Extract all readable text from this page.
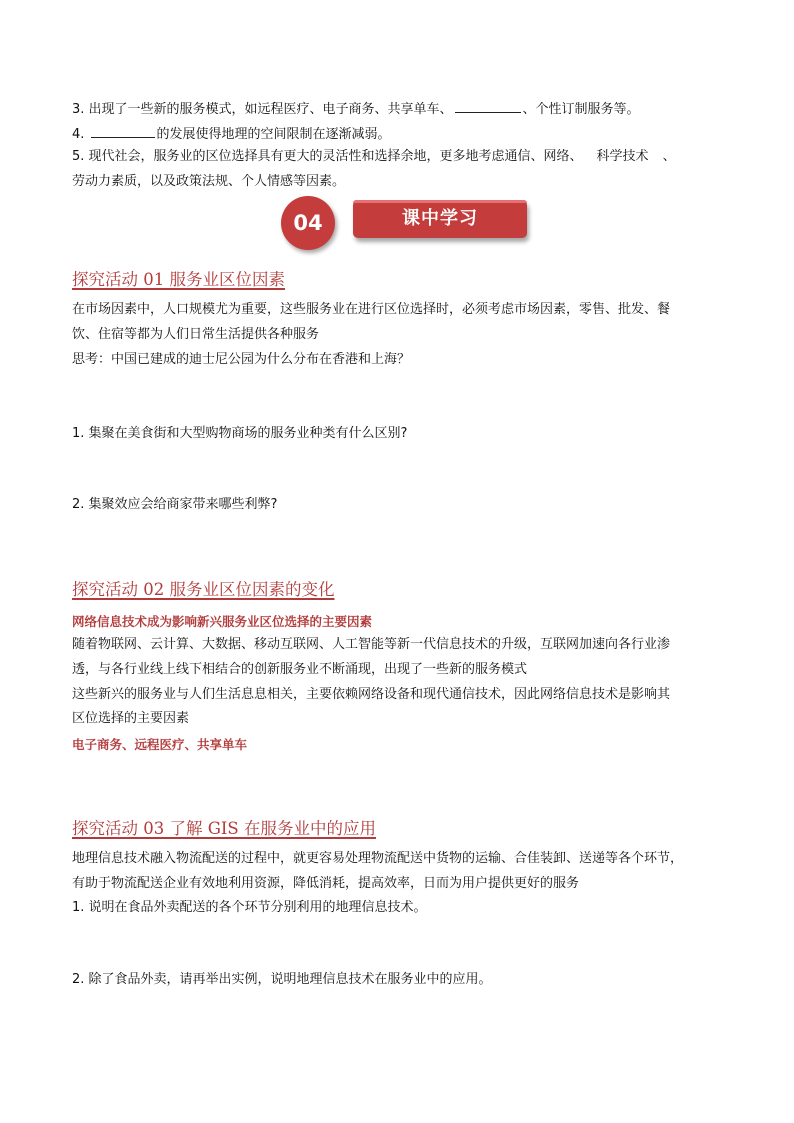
3. 出现了一些新的服务模式，如远程医疗、电子商务、共享单车、	、个性订制服务等。
4.	的发展使得地理的空间限制在逐渐减弱。
5. 现代社会，服务业的区位选择具有更大的灵活性和选择余地，更多地考虑通信、网络、 科学技术 、
劳动力素质，以及政策法规、个人情感等因素。
04	课中学习
探究活动 01 服务业区位因素
在市场因素中，人口规模尤为重要，这些服务业在进行区位选择时，必须考虑市场因素，零售、批发、餐
饮、住宿等都为人们日常生活提供各种服务
思考：中国已建成的迪士尼公园为什么分布在香港和上海？
1. 集聚在美食街和大型购物商场的服务业种类有什么区别?
2. 集聚效应会给商家带来哪些利弊?
探究活动 02 服务业区位因素的变化
网络信息技术成为影响新兴服务业区位选择的主要因素
随着物联网、云计算、大数据、移动互联网、人工智能等新一代信息技术的升级，互联网加速向各行业渗
透，与各行业线上线下相结合的创新服务业不断涌现，出现了一些新的服务模式
这些新兴的服务业与人们生活息息相关，主要依赖网络设备和现代通信技术，因此网络信息技术是影响其
区位选择的主要因素
电子商务、远程医疗、共享单车
探究活动 03 了解 GIS 在服务业中的应用
地理信息技术融入物流配送的过程中，就更容易处理物流配送中货物的运输、合佳装卸、送递等各个环节，
有助于物流配送企业有效地利用资源，降低消耗，提高效率，日而为用户提供更好的服务
1. 说明在食品外卖配送的各个环节分别利用的地理信息技术。
2. 除了食品外卖，请再举出实例，说明地理信息技术在服务业中的应用。
